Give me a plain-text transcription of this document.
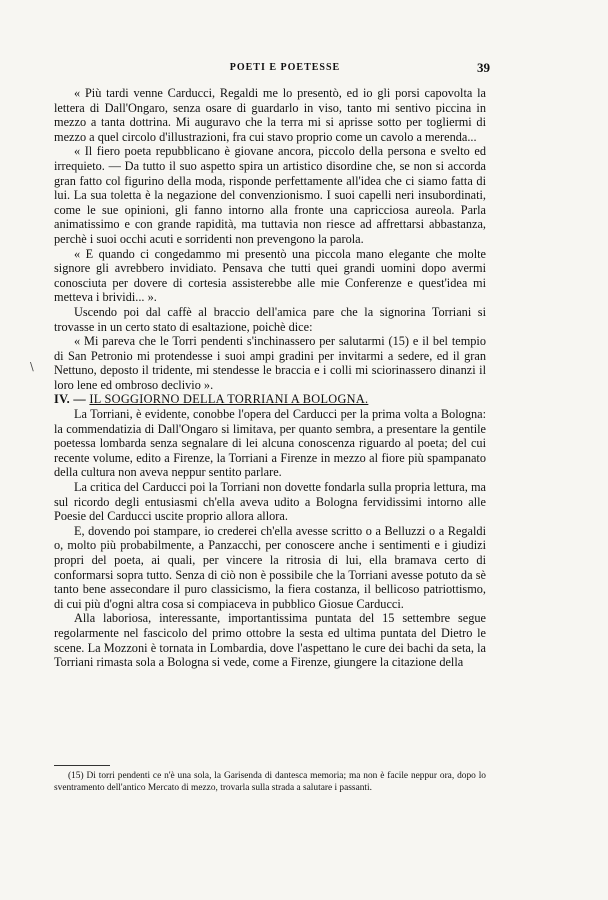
POETI E POETESSE	39
\

« Più tardi venne Carducci, Regaldi me lo presentò, ed io gli porsi capovolta la lettera di Dall'Ongaro, senza osare di guardarlo in viso, tanto mi sentivo piccina in mezzo a tanta dottrina. Mi auguravo che la terra mi si aprisse sotto per togliermi di mezzo a quel circolo d'illustrazioni, fra cui stavo proprio come un cavolo a merenda...

« Il fiero poeta repubblicano è giovane ancora, piccolo della persona e svelto ed irrequieto. — Da tutto il suo aspetto spira un artistico disordine che, se non si accorda gran fatto col figurino della moda, risponde perfettamente all'idea che ci siamo fatta di lui. La sua toletta è la negazione del convenzionismo. I suoi capelli neri insubordinati, come le sue opinioni, gli fanno intorno alla fronte una capricciosa aureola. Parla animatissimo e con grande rapidità, ma tuttavia non riesce ad affrettarsi abbastanza, perchè i suoi occhi acuti e sorridenti non prevengono la parola.

« E quando ci congedammo mi presentò una piccola mano elegante che molte signore gli avrebbero invidiato. Pensava che tutti quei grandi uomini dopo avermi conosciuta per dovere di cortesia assisterebbe alle mie Conferenze e quest'idea mi metteva i brividi... ».

Uscendo poi dal caffè al braccio dell'amica pare che la signorina Torriani si trovasse in un certo stato di esaltazione, poichè dice:

« Mi pareva che le Torri pendenti s'inchinassero per salutarmi (15) e il bel tempio di San Petronio mi protendesse i suoi ampi gradini per invitarmi a sedere, ed il gran Nettuno, deposto il tridente, mi stendesse le braccia e i colli mi sciorinassero dinanzi il loro lene ed ombroso declivio ».

IV. — IL SOGGIORNO DELLA TORRIANI A BOLOGNA.

La Torriani, è evidente, conobbe l'opera del Carducci per la prima volta a Bologna: la commendatizia di Dall'Ongaro si limitava, per quanto sembra, a presentare la gentile poetessa lombarda senza segnalare di lei alcuna conoscenza riguardo al poeta; del cui recente volume, edito a Firenze, la Torriani a Firenze in mezzo al fiore più spampanato della cultura non aveva neppur sentito parlare.

La critica del Carducci poi la Torriani non dovette fondarla sulla propria lettura, ma sul ricordo degli entusiasmi ch'ella aveva udito a Bologna fervidissimi intorno alle Poesie del Carducci uscite proprio allora allora.

E, dovendo poi stampare, io crederei ch'ella avesse scritto o a Belluzzi o a Regaldi o, molto più probabilmente, a Panzacchi, per conoscere anche i sentimenti e i giudizi propri del poeta, ai quali, per vincere la ritrosia di lui, ella bramava certo di conformarsi sopra tutto. Senza di ciò non è possibile che la Torriani avesse potuto da sè tanto bene assecondare il puro classicismo, la fiera costanza, il bellicoso patriottismo, di cui più d'ogni altra cosa si compiaceva in pubblico Giosue Carducci.

Alla laboriosa, interessante, importantissima puntata del 15 settembre segue regolarmente nel fascicolo del primo ottobre la sesta ed ultima puntata del Dietro le scene. La Mozzoni è tornata in Lombardia, dove l'aspettano le cure dei bachi da seta, la Torriani rimasta sola a Bologna si vede, come a Firenze, giungere la citazione della

(15) Di torri pendenti ce n'è una sola, la Garisenda di dantesca memoria; ma non è facile neppur ora, dopo lo sventramento dell'antico Mercato di mezzo, trovarla sulla strada a salutare i passanti.
